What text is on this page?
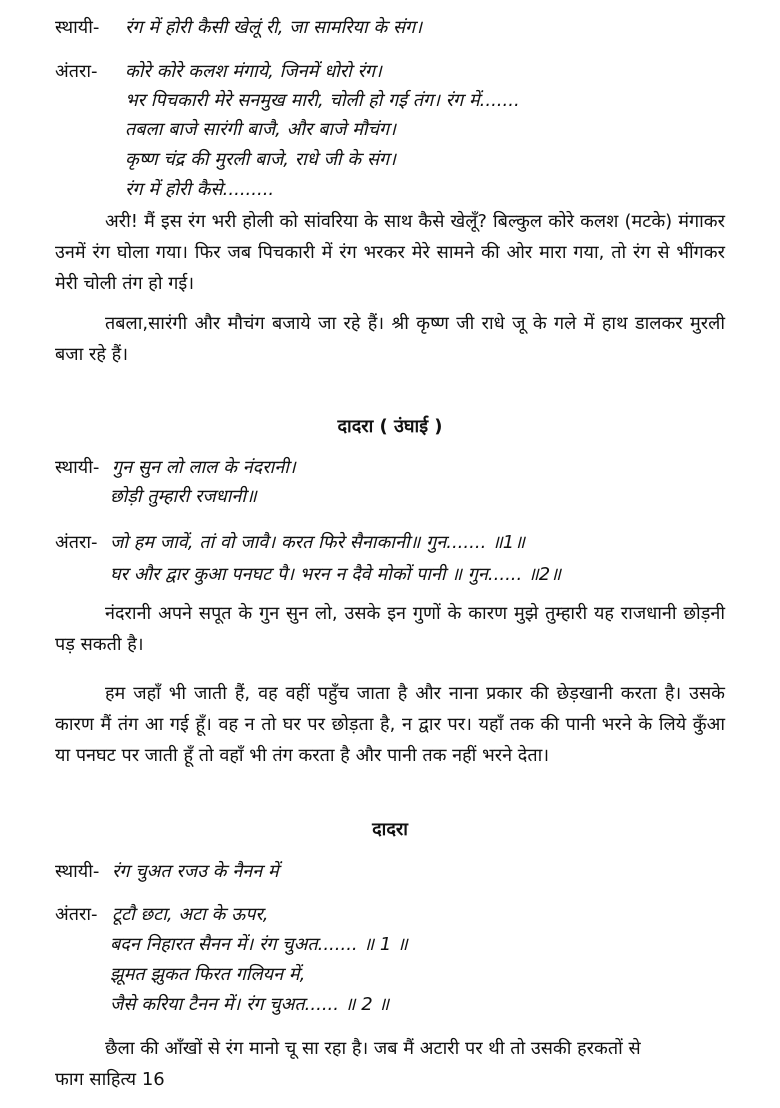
स्थायी- रंग में होरी कैसी खेलूं री, जा सामरिया के संग।
अंतरा- कोरे कोरे कलश मंगाये, जिनमें धोरो रंग।
भर पिचकारी मेरे सनमुख मारी, चोली हो गई तंग। रंग में.......
तबला बाजे सारंगी बाजै, और बाजे मौचंग।
कृष्ण चंद्र की मुरली बाजे, राधे जी के संग।
रंग में होरी कैसे.........

अरी! मैं इस रंग भरी होली को सांवरिया के साथ कैसे खेलूँ? बिल्कुल कोरे कलश (मटके) मंगाकर उनमें रंग घोला गया। फिर जब पिचकारी में रंग भरकर मेरे सामने की ओर मारा गया, तो रंग से भींगकर मेरी चोली तंग हो गई।

तबला,सारंगी और मौचंग बजाये जा रहे हैं। श्री कृष्ण जी राधे जू के गले में हाथ डालकर मुरली बजा रहे हैं।

दादरा ( उंघाई )
स्थायी- गुन सुन लो लाल के नंदरानी।
छोड़ी तुम्हारी रजधानी॥
अंतरा- जो हम जावें, तां वो जावै। करत फिरे सैनाकानी॥ गुन....... ॥1॥
घर और द्वार कुआ पनघट पै। भरन न दैवे मोकों पानी ॥ गुन...... ॥2॥

नंदरानी अपने सपूत के गुन सुन लो, उसके इन गुणों के कारण मुझे तुम्हारी यह राजधानी छोड़नी पड़ सकती है।

हम जहाँ भी जाती हैं, वह वहीं पहुँच जाता है और नाना प्रकार की छेड़खानी करता है। उसके कारण मैं तंग आ गई हूँ। वह न तो घर पर छोड़ता है, न द्वार पर। यहाँ तक की पानी भरने के लिये कुँआ या पनघट पर जाती हूँ तो वहाँ भी तंग करता है और पानी तक नहीं भरने देता।

दादरा
स्थायी- रंग चुअत रजउ के नैनन में
अंतरा- टूटौ छटा, अटा के ऊपर,
बदन निहारत सैनन में। रंग चुअत....... ॥ 1 ॥
झूमत झुकत फिरत गलियन में,
जैसे करिया टैनन में। रंग चुअत...... ॥ 2 ॥

छैला की आँखों से रंग मानो चू सा रहा है। जब मैं अटारी पर थी तो उसकी हरकतों से

फाग साहित्य 16
